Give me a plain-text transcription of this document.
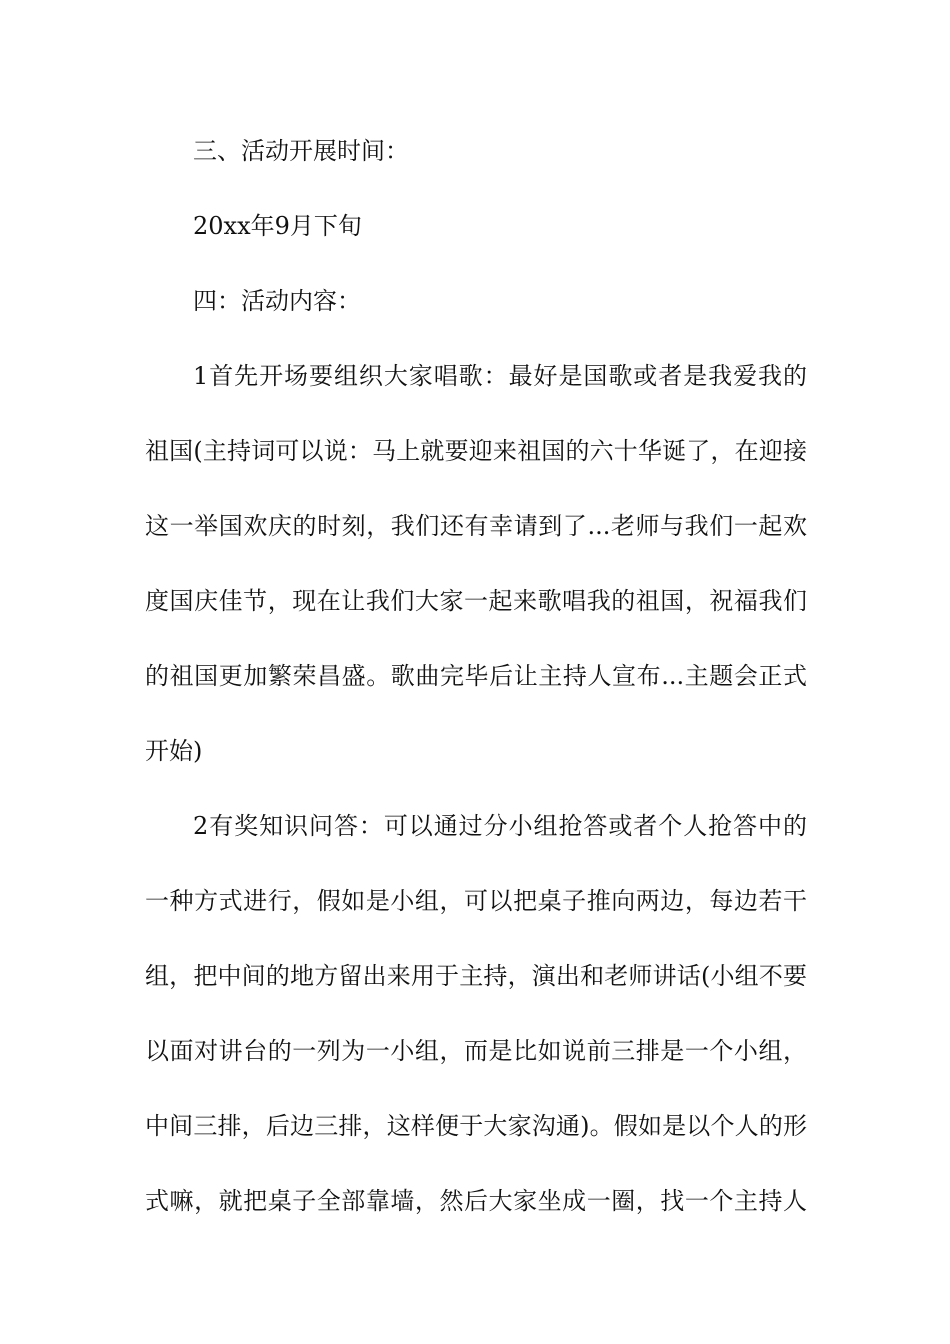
三、活动开展时间：
20xx年9月下旬
四：活动内容：
1首先开场要组织大家唱歌：最好是国歌或者是我爱我的
祖国(主持词可以说：马上就要迎来祖国的六十华诞了，在迎接
这一举国欢庆的时刻，我们还有幸请到了...老师与我们一起欢
度国庆佳节，现在让我们大家一起来歌唱我的祖国，祝福我们
的祖国更加繁荣昌盛。歌曲完毕后让主持人宣布...主题会正式
开始)
2有奖知识问答：可以通过分小组抢答或者个人抢答中的
一种方式进行，假如是小组，可以把桌子推向两边，每边若干
组，把中间的地方留出来用于主持，演出和老师讲话(小组不要
以面对讲台的一列为一小组，而是比如说前三排是一个小组，
中间三排，后边三排，这样便于大家沟通)。假如是以个人的形
式嘛，就把桌子全部靠墙，然后大家坐成一圈，找一个主持人
